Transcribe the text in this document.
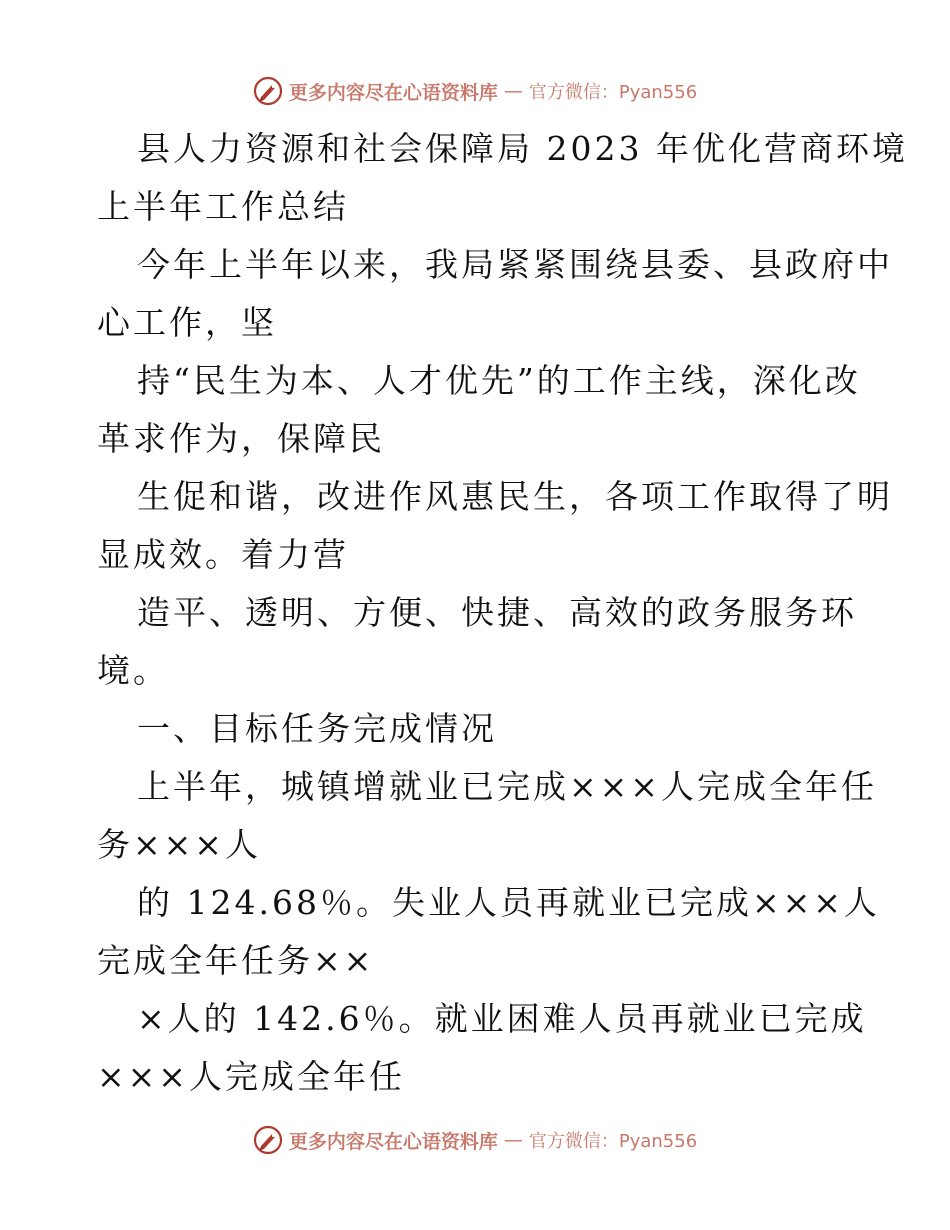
更多内容尽在心语资料库 — 官方微信：Pyan556
县人力资源和社会保障局 2023 年优化营商环境
上半年工作总结
今年上半年以来，我局紧紧围绕县委、县政府中
心工作，坚
持“民生为本、人才优先”的工作主线，深化改
革求作为，保障民
生促和谐，改进作风惠民生，各项工作取得了明
显成效。着力营
造平、透明、方便、快捷、高效的政务服务环
境。
一、目标任务完成情况
上半年，城镇增就业已完成×××人完成全年任
务×××人
的 124.68％。失业人员再就业已完成×××人
完成全年任务××
×人的 142.6％。就业困难人员再就业已完成
×××人完成全年任
更多内容尽在心语资料库 — 官方微信：Pyan556
